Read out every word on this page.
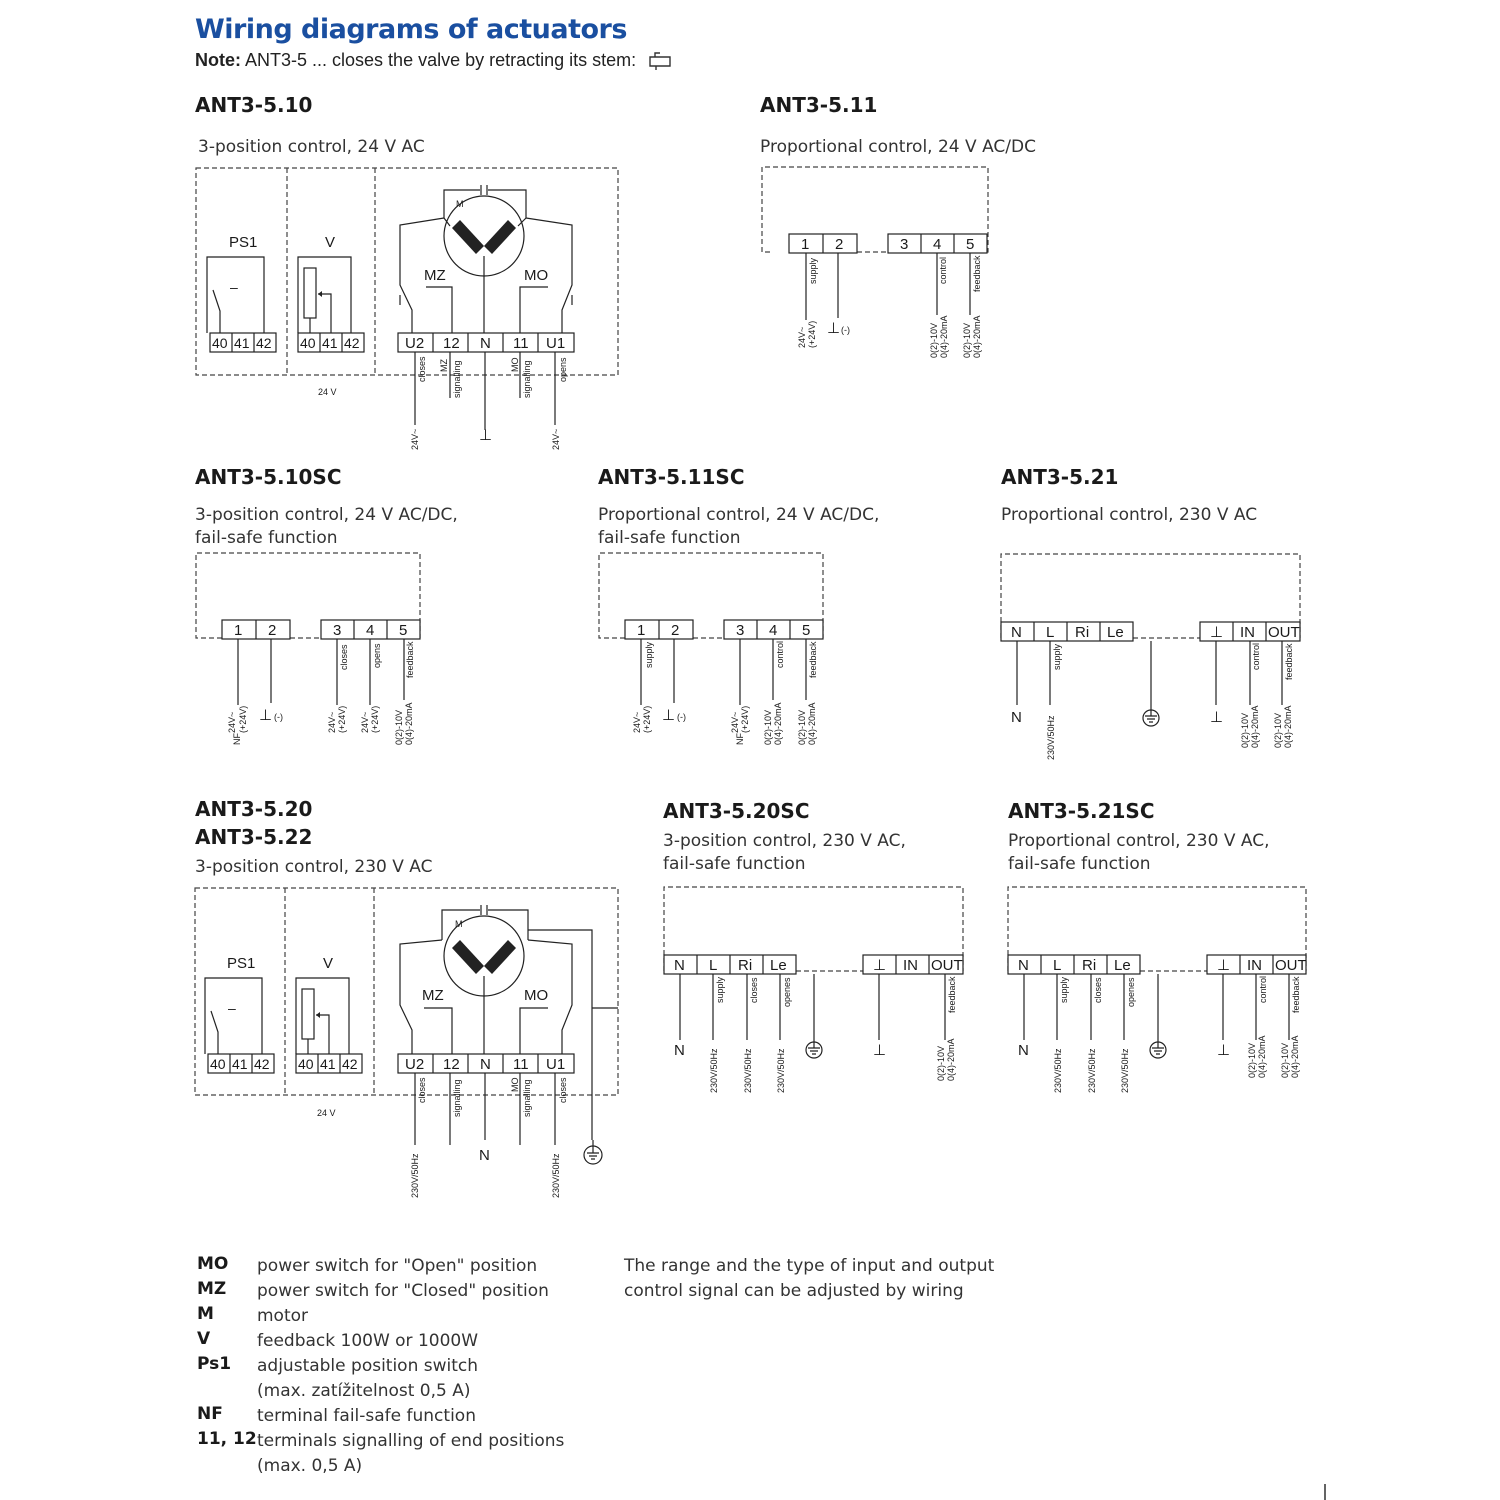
Wiring diagrams of actuators
Note: ANT3-5 ... closes the valve by retracting its stem:
ANT3-5.10
3-position control, 24 V AC
ANT3-5.11
Proportional control, 24 V AC/DC
ANT3-5.10SC
3-position control, 24 V AC/DC,
fail-safe function
ANT3-5.11SC
Proportional control, 24 V AC/DC,
fail-safe function
ANT3-5.21
Proportional control, 230 V AC
ANT3-5.20
ANT3-5.22
3-position control, 230 V AC
ANT3-5.20SC
3-position control, 230 V AC,
fail-safe function
ANT3-5.21SC
Proportional control, 230 V AC,
fail-safe function
PS1
–
40 41 42
V
40 41 42
24 V
M
MZ	MO
U2 12 N 11 U1
closes MZ signalling	MO signalling	opens
24V~	⊥	24V~
1 2	3 4 5
supply	control	feedback
24V~ (+24V) ⊥ (-)	0(2)-10V 0(4)-20mA 0(2)-10V 0(4)-20mA
1 2	3 4 5
closes	opens	feedback
NF
24V~ (+24V) ⊥ (-)	24V~ (+24V) 24V~ (+24V) 0(2)-10V 0(4)-20mA
1 2	3 4 5
supply	control	feedback
24V~ (+24V) ⊥ (-)
NF
24V~ (+24V) 0(2)-10V 0(4)-20mA 0(2)-10V 0(4)-20mA
N L Ri Le	⊥ IN OUT
supply	control	feedback
N	230V/50Hz	⊥ 0(2)-10V 0(4)-20mA 0(2)-10V 0(4)-20mA
PS1
–
40 41 42
V
40 41 42
24 V
M
MZ	MO
U2 12 N 11 U1
closes	signalling	MO signalling	closes
230V/50Hz	N	230V/50Hz
N L Ri Le	⊥ IN OUT
supply	closes	openes	feedback
N	230V/50Hz	230V/50Hz	230V/50Hz	⊥	0(2)-10V 0(4)-20mA
N L Ri Le	⊥ IN OUT
supply	closes	openes	control	feedback
N	230V/50Hz	230V/50Hz	230V/50Hz	⊥ 0(2)-10V 0(4)-20mA 0(2)-10V 0(4)-20mA
MO	power switch for "Open" position
MZ	power switch for "Closed" position
M	motor
V	feedback 100W or 1000W
Ps1	adjustable position switch
(max. zatížitelnost 0,5 A)
NF	terminal fail-safe function
11, 12 terminals signalling of end positions
(max. 0,5 A)
The range and the type of input and output
control signal can be adjusted by wiring
